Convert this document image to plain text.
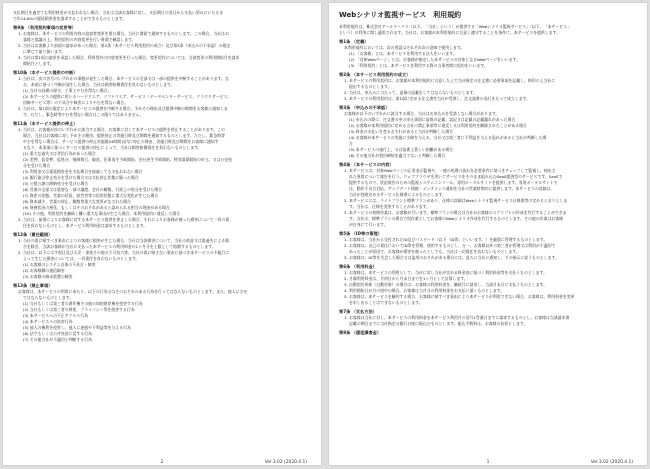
支払期日を過ぎても利用料金が支払われない場合、当社は当該お客様に対し、支払期日の翌日から支払い済みにいたるま
で年14.6%の遅延損害金を請求することができるものとします。
第9条 （利用契約事項の変更等）
1. お客様は、本サービスの利用内容の追加等変更を望む場合、当社に書面で通知するものとします。この場合、当社はお
客様と協議の上、利用契約の内容変更を行い書面で確認します。
2. 当社はお客様より前項の請求があった場合、第2条（本サービス利用契約の成立）及び第3条（申込みの不承認）の規定
に準じて取り扱います。
3. 当社は第1項の請求を承認した場合、利用契約の内容変更を行った場合、変更契約については、当該変更の利用開始月を請求
開始月とします。
第10条（本サービス提供の中断）
1. 当社は、次の各号のいずれかの事態が発生した場合、本サービスの全部又は一部の提供を中断することがあります。な
お、本項に基づく中断が発生した場合、当社は損害賠償責任を負わないものとします。
(1) 当社の設備の保守、工事上やむを得ない場合。
(2) 本サービスの提供に用いるハードウエア、ソフトウエア、サービス（データセンターサービス、クラウドサービス、
回線サービス等）の不具合や障害によりやむを得ない場合。
2. 当社は、第1項の規定により本サービスの提供を中断する場合、予めその理由及び提供中断の期間をお客様に通知しま
す。ただし、緊急時等やむを得ない場合はこの限りではありません。
第11条（本サービス提供の停止）
1. 当社は、お客様が次のいずれかに該当する場合、お客様に対して本サービスの提供を停止することがあります。この
場合、当社はお客様に対し予めその理由、提供停止の実施日時及び期間を通知するものとします。ただし、緊急時等
やむを得ない場合は、サービス提供の停止実施後24時間以内に停止の理由、実施日時及び期間をお客様に通知す
るなり、本条項に基づくサービス提供の停止によって、当社は損害賠償責任を負わないものとします。
(1) 重大な過失又は背信行為があった場合
(2) 差押、仮差押、仮処分、強制執行、破産、民事再生手続開始、会社更生手続開始、特別清算開始の申立、又は公売処
分を受けた場合
(3) 利用金又は遅延損害金を支払期日を経過しても支払われない場合
(4) 銀行取引停止処分を受けた場合又は支払停止状態に陥った場合
(5) 公租公課の滞納処分を受けた場合
(6) 営業の全部又は重要な一部の譲渡、会社の解散、行政上の処分を受けた場合
(7) 資産の状態、営業の状況、経営者等の信用状態に重大な変化が生じた場合
(8) 資本減少、営業の停止、解散等重大な変更がなされた場合
(9) 財務状況の悪化、もしくはそのおそれがあると認められる相当の理由がある場合
(10) その他、利用契約を継続し難い重大な事由が生じた場合、本利用規約に違反した場合
2. 当社は、前項によりお客様に対する本サービス提供を停止した場合、それによりお客様が被った損害について一切の責
任を負わないものとし、本サービス利用料金は請求するものとします。
第12条（責任範囲）
1. 当社の責に帰すべき事由によりお客様に損害が生じた場合、当社は当該損害について、当社の故意又は重過失による場
合を除き、当該お客様が当社に支払った本サービスの利用料金の1ヶ月分を上限として賠償するものとします。
2. 当社は、以下に示す項目及び天災・事変その他の不可抗力等、当社の責に帰さない事由に基づき本サービスの不履行に
よって生じた損害については、一切責任を負わないものとします。
(1) お客様のシステム自体の不具合・障害
(2) お客様側の通信障害
(3) お客様の端末装置の障害
第13条（禁止事項）
お客様は、本サービスの利用にあたり、以下の行為又はそのおそれのある行為を行ってはならないものとします。また、他人にさせ
てはならないものとします。
(1) 当社もしくは第三者の著作権その他の知的財産権を侵害する行為
(2) 当社もしくは第三者の財産、プライバシー等を侵害する行為
(3) 本サービスへの不正アクセス行為
(4) 本サービスへの妨害行為
(5) 他人の権利を侵害し、他人に迷惑や不利益等を与える行為
(6) 法令もしくは公序良俗に反する行為
(7) その他当社が不適切と判断する行為
2	Ver.3.02 (2020.4.1)
Webシナリオ監視サービス　利用規約
本利用規約は、株式会社アールワークス（以下、「当社」という）が提供する「Webシナリオ監視サービス」（以下、「本サービス」
という）の利用に関し適用されます。当社は、お客様が本利用規約に合意し遵守することを条件に、本サービスを提供します。
第1条 （定義）
本利用規約においては、次の用語はそれぞれ次の意味で使用します。
(1) 「お客様」とは、本サービスを利用する法人をいいます。
(2) 「対象Webページ」とは、お客様が指定した本サービスの対象となるWebページをいいます。
(3) 「利用契約」とは、本サービスを利用する際の当事者間の契約をいいます。
第2条 （本サービス利用契約の成立）
1. 本サービスの利用契約は、お客様が本利用規約に合意した上で当社指定の注文書に必要事項を記載し、捺印の上当社に
提出するものとします。
2. 当社は、申込みに当たって、虚偽の記載をしてはならないものとします。
3. 本サービスの利用契約は、第1項に定める注文書を当社が受領し、注文請書の発行をもって成立します。
第3条 （申込みの不承認）
お客様が以下のいずれかに該当する場合、当社はお申込みを受諾しない場合があります。
(1) 申込みの際に、注文書の中の申込事項に虚偽の記載、誤記又は記載の記載漏れがあった場合
(2) お客様が本利用規約に定める当社の禁止事項等に違反し又は利用契約を解除されたことがある場合
(3) 料金の支払いを怠るおそれがあると当社が判断した場合
(4) お客様が本サービスの実施に支障を与える、当社又は第三者に不利益を与える恐れがあると当社が判断した場
合
(5) 本サービスの遂行上、又は技術上著しい困難がある場合
(6) その他当社が契約締結を適当でないと判断した場合
第4条 （本サービスの内容）
1. 本サービスは、対象Webページの正常表示監視や、一連の処理の流れを必要条件に基づきチェックして監視し、検出さ
れた異常について報告を行う。ウェブブラウザを用いてサービスをそのまま組み込むSaaS提供型のサービスです。SaaSで
提供するもので、状況報告のための監視システムコンソール、専用ポータルサイトを提供します。専用ポータルサイトで
は、動作不具合対応、アップデート情報・メンテナンス通知を当社の営業時間内に提供します。本サービスの詳細は、
当社が別途定めるサービス仕様書によるものとします。
2. 本サービスには、ライトプランと標準プランがあり、仕様の詳細はWebシナリオ監視サービス仕様書等の定めるとおりとしま
す。当社は、仕様を変更することがあります。
3. 本サービスの初期作業は、お客様が行います。標準プランの場合は当社がお客様のスクリプトの作成を代行することができま
す。当社は、標準プランの場合で別作業としてお客様のWebシナリオ作成を代行するものとします。その他の作業はお客様
が自身にて行います。
第5条 （ID等の管理）
1. お客様は、当社から交付されたID及びパスワード（以下「ID等」といいます。）を厳重に管理するものとします。
2. お客様は、自己の責任においてID等を管理、使用するものとし、万一、お客様以外の第三者が管理又は利用が不適切で
あったことが原因で、お客様が損害を被ったとしても、当社は一切責任を負わないものとします。
3. お客様は、ID等を失念した場合又は盗用のおそれがある場合には、直ちに当社に通知し、その指示に従うものとします。
第6条 （利用料金）
1. お客様は、本サービスの利用として、当社に対し当社が定める料金表に基づく利用料金等を支払うものとします。
2. 月額利用料金は、月初日から月末日までを1ヶ月として計算します。
3. 自動契約更新（自動更新）の場合は、お客様の利用料金を、継続月に請求し、当該月末日に支払うものとします。
4. 利用開始日が月の途中の場合、お客様は当月分の利用料金をお支払い頂くものとします。
5. お客様は、本サービスを解約する場合、お客様に帰すべき事由により本サービスが利用できない場合、お客様は、利用料金を変更
を申し出ることはできないものとします。
第7条 （支払方法）
1. お客様は当社に対し、本サービスの利用料金を本サービス利用月の翌月1営業日までに請求するものとし、お客様は当該請求書
記載の期日までに当社指定の銀行口座に振込むものとします。振込手数料は、お客様の負担とします。
第8条 （遅延損害金）
1	Ver.3.02 (2020.4.1)
